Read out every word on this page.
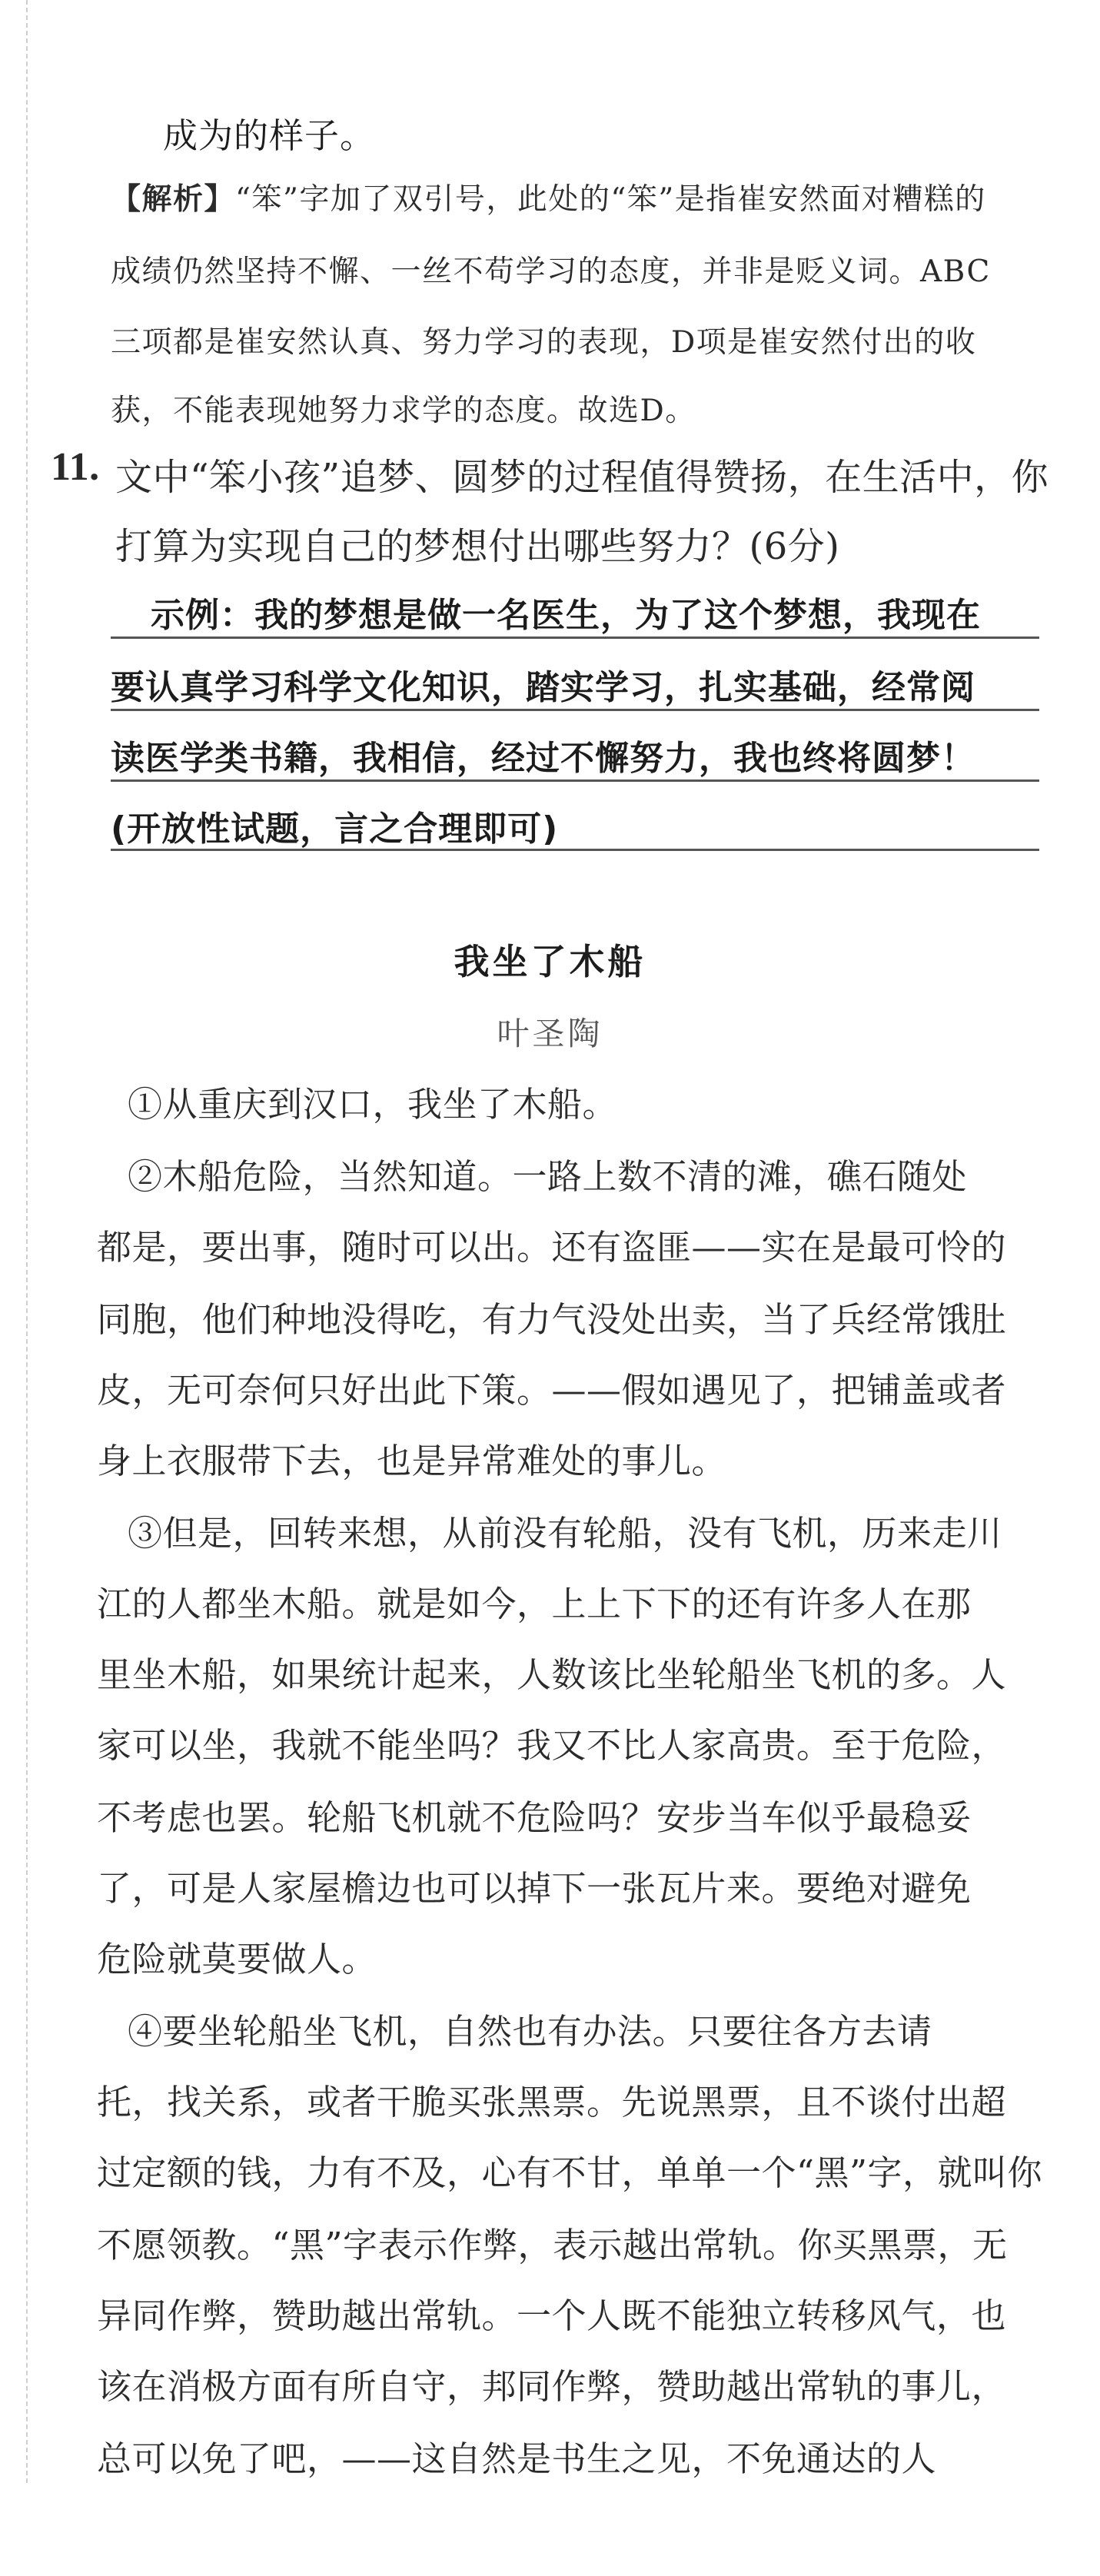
成为的样子。
【解析】“笨”字加了双引号，此处的“笨”是指崔安然面对糟糕的
成绩仍然坚持不懈、一丝不苟学习的态度，并非是贬义词。ABC
三项都是崔安然认真、努力学习的表现，D项是崔安然付出的收
获，不能表现她努力求学的态度。故选D。
11. 文中“笨小孩”追梦、圆梦的过程值得赞扬，在生活中，你
打算为实现自己的梦想付出哪些努力？(6分)
示例：我的梦想是做一名医生，为了这个梦想，我现在
要认真学习科学文化知识，踏实学习，扎实基础，经常阅
读医学类书籍，我相信，经过不懈努力，我也终将圆梦！
(开放性试题，言之合理即可)
我坐了木船
叶圣陶
①从重庆到汉口，我坐了木船。
②木船危险，当然知道。一路上数不清的滩，礁石随处
都是，要出事，随时可以出。还有盗匪——实在是最可怜的
同胞，他们种地没得吃，有力气没处出卖，当了兵经常饿肚
皮，无可奈何只好出此下策。——假如遇见了，把铺盖或者
身上衣服带下去，也是异常难处的事儿。
③但是，回转来想，从前没有轮船，没有飞机，历来走川
江的人都坐木船。就是如今，上上下下的还有许多人在那
里坐木船，如果统计起来，人数该比坐轮船坐飞机的多。人
家可以坐，我就不能坐吗？我又不比人家高贵。至于危险，
不考虑也罢。轮船飞机就不危险吗？安步当车似乎最稳妥
了，可是人家屋檐边也可以掉下一张瓦片来。要绝对避免
危险就莫要做人。
④要坐轮船坐飞机，自然也有办法。只要往各方去请
托，找关系，或者干脆买张黑票。先说黑票，且不谈付出超
过定额的钱，力有不及，心有不甘，单单一个“黑”字，就叫你
不愿领教。“黑”字表示作弊，表示越出常轨。你买黑票，无
异同作弊，赞助越出常轨。一个人既不能独立转移风气，也
该在消极方面有所自守，邦同作弊，赞助越出常轨的事儿，
总可以免了吧，——这自然是书生之见，不免通达的人
